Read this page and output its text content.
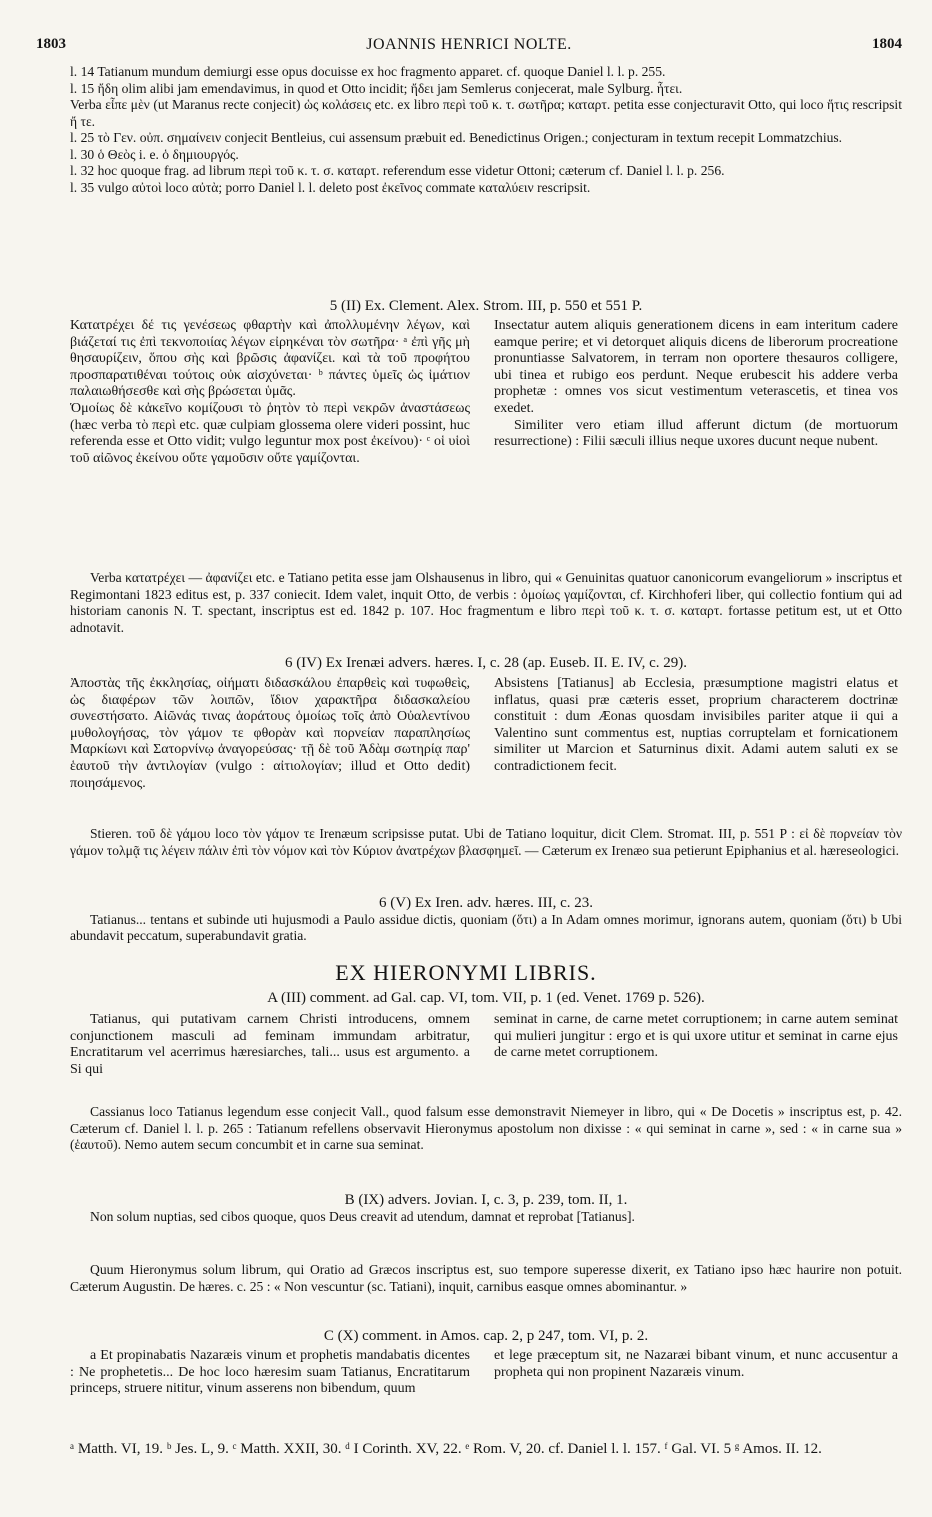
1803	JOANNIS HENRICI NOLTE.	1804

l. 14 Tatianum mundum demiurgi esse opus docuisse ex hoc fragmento apparet. cf. quoque Daniel l. l. p. 255.

l. 15 ἤδη olim alibi jam emendavimus, in quod et Otto incidit; ἤδει jam Semlerus conjecerat, male Sylburg. ἦτει.

Verba εἶπε μὲν (ut Maranus recte conjecit) ὡς κολάσεις etc. ex libro περὶ τοῦ κ. τ. σωτῆρα; καταρτ. petita esse conjecturavit Otto, qui loco ἥτις rescripsit ἤ τε.

l. 25 τὸ Γεν. οὐπ. σημαίνειν conjecit Bentleius, cui assensum præbuit ed. Benedictinus Origen.; conjecturam in textum recepit Lommatzchius.

l. 30 ὁ Θεὸς i. e. ὁ δημιουργός.

l. 32 hoc quoque frag. ad librum περὶ τοῦ κ. τ. σ. καταρτ. referendum esse videtur Ottoni; cæterum cf. Daniel l. l. p. 256.

l. 35 vulgo αὐτοὶ loco αὐτὰ; porro Daniel l. l. deleto post ἐκεῖνος commate καταλύειν rescripsit.

5 (II) Ex. Clement. Alex. Strom. III, p. 550 et 551 P.

Κατατρέχει δέ τις γενέσεως φθαρτὴν καὶ ἀπολλυμένην λέγων, καὶ βιάζεταί τις ἐπὶ τεκνοποιίας λέγων εἰρηκέναι τὸν σωτῆρα· ᵃ ἐπὶ γῆς μὴ θησαυρίζειν, ὅπου σὴς καὶ βρῶσις ἀφανίζει. καὶ τὰ τοῦ προφήτου προσπαρατιθέναι τούτοις οὐκ αἰσχύνεται· ᵇ πάντες ὑμεῖς ὡς ἱμάτιον παλαιωθήσεσθε καὶ σὴς βρώσεται ὑμᾶς.

Ὁμοίως δὲ κἀκεῖνο κομίζουσι τὸ ῥητὸν τὸ περὶ νεκρῶν ἀναστάσεως (hæc verba τὸ περὶ etc. quæ culpiam glossema olere videri possint, huc referenda esse et Otto vidit; vulgo leguntur mox post ἐκείνου)· ᶜ οἱ υἱοὶ τοῦ αἰῶνος ἐκείνου οὔτε γαμοῦσιν οὔτε γαμίζονται.

Insectatur autem aliquis generationem dicens in eam interitum cadere eamque perire; et vi detorquet aliquis dicens de liberorum procreatione pronuntiasse Salvatorem, in terram non oportere thesauros colligere, ubi tinea et rubigo eos perdunt. Neque erubescit his addere verba prophetæ : omnes vos sicut vestimentum veterascetis, et tinea vos exedet.

Similiter vero etiam illud afferunt dictum (de mortuorum resurrectione) : Filii sæculi illius neque uxores ducunt neque nubent.

Verba κατατρέχει — ἀφανίζει etc. e Tatiano petita esse jam Olshausenus in libro, qui « Genuinitas quatuor canonicorum evangeliorum » inscriptus et Regimontani 1823 editus est, p. 337 coniecit. Idem valet, inquit Otto, de verbis : ὁμοίως γαμίζονται, cf. Kirchhoferi liber, qui collectio fontium qui ad historiam canonis N. T. spectant, inscriptus est ed. 1842 p. 107. Hoc fragmentum e libro περὶ τοῦ κ. τ. σ. καταρτ. fortasse petitum est, ut et Otto adnotavit.

6 (IV) Ex Irenæi advers. hæres. I, c. 28 (ap. Euseb. II. E. IV, c. 29).

Ἀποστὰς τῆς ἐκκλησίας, οἰήματι διδασκάλου ἐπαρθεὶς καὶ τυφωθεὶς, ὡς διαφέρων τῶν λοιπῶν, ἴδιον χαρακτῆρα διδασκαλείου συνεστήσατο. Αἰῶνάς τινας ἀοράτους ὁμοίως τοῖς ἀπὸ Οὐαλεντίνου μυθολογήσας, τὸν γάμον τε φθορὰν καὶ πορνείαν παραπλησίως Μαρκίωνι καὶ Σατορνίνῳ ἀναγορεύσας· τῇ δὲ τοῦ Ἀδὰμ σωτηρίᾳ παρ' ἑαυτοῦ τὴν ἀντιλογίαν (vulgo : αἰτιολογίαν; illud et Otto dedit) ποιησάμενος.

Absistens [Tatianus] ab Ecclesia, præsumptione magistri elatus et inflatus, quasi præ cæteris esset, proprium characterem doctrinæ constituit : dum Æonas quosdam invisibiles pariter atque ii qui a Valentino sunt commentus est, nuptias corruptelam et fornicationem similiter ut Marcion et Saturninus dixit. Adami autem saluti ex se contradictionem fecit.

Stieren. τοῦ δὲ γάμου loco τὸν γάμον τε Irenæum scripsisse putat. Ubi de Tatiano loquitur, dicit Clem. Stromat. III, p. 551 P : εἰ δὲ πορνείαν τὸν γάμον τολμᾷ τις λέγειν πάλιν ἐπὶ τὸν νόμον καὶ τὸν Κύριον ἀνατρέχων βλασφημεῖ. — Cæterum ex Irenæo sua petierunt Epiphanius et al. hæreseologici.

6 (V) Ex Iren. adv. hæres. III, c. 23.

Tatianus... tentans et subinde uti hujusmodi a Paulo assidue dictis, quoniam (ὅτι) a In Adam omnes morimur, ignorans autem, quoniam (ὅτι) b Ubi abundavit peccatum, superabundavit gratia.

EX HIERONYMI LIBRIS.

A (III) comment. ad Gal. cap. VI, tom. VII, p. 1 (ed. Venet. 1769 p. 526).

Tatianus, qui putativam carnem Christi introducens, omnem conjunctionem masculi ad feminam immundam arbitratur, Encratitarum vel acerrimus hæresiarches, tali... usus est argumento. a Si qui

seminat in carne, de carne metet corruptionem; in carne autem seminat qui mulieri jungitur : ergo et is qui uxore utitur et seminat in carne ejus de carne metet corruptionem.

Cassianus loco Tatianus legendum esse conjecit Vall., quod falsum esse demonstravit Niemeyer in libro, qui « De Docetis » inscriptus est, p. 42. Cæterum cf. Daniel l. l. p. 265 : Tatianum refellens observavit Hieronymus apostolum non dixisse : « qui seminat in carne », sed : « in carne sua » (ἑαυτοῦ). Nemo autem secum concumbit et in carne sua seminat.

B (IX) advers. Jovian. I, c. 3, p. 239, tom. II, 1.

Non solum nuptias, sed cibos quoque, quos Deus creavit ad utendum, damnat et reprobat [Tatianus].

Quum Hieronymus solum librum, qui Oratio ad Græcos inscriptus est, suo tempore superesse dixerit, ex Tatiano ipso hæc haurire non potuit. Cæterum Augustin. De hæres. c. 25 : « Non vescuntur (sc. Tatiani), inquit, carnibus easque omnes abominantur. »

C (X) comment. in Amos. cap. 2, p 247, tom. VI, p. 2.

a Et propinabatis Nazaræis vinum et prophetis mandabatis dicentes : Ne prophetetis... De hoc loco hæresim suam Tatianus, Encratitarum princeps, struere nititur, vinum asserens non bibendum, quum

et lege præceptum sit, ne Nazaræi bibant vinum, et nunc accusentur a propheta qui non propinent Nazaræis vinum.

ᵃ Matth. VI, 19. ᵇ Jes. L, 9. ᶜ Matth. XXII, 30. ᵈ I Corinth. XV, 22. ᵉ Rom. V, 20. cf. Daniel l. l. 157. ᶠ Gal. VI. 5 ᵍ Amos. II. 12.
